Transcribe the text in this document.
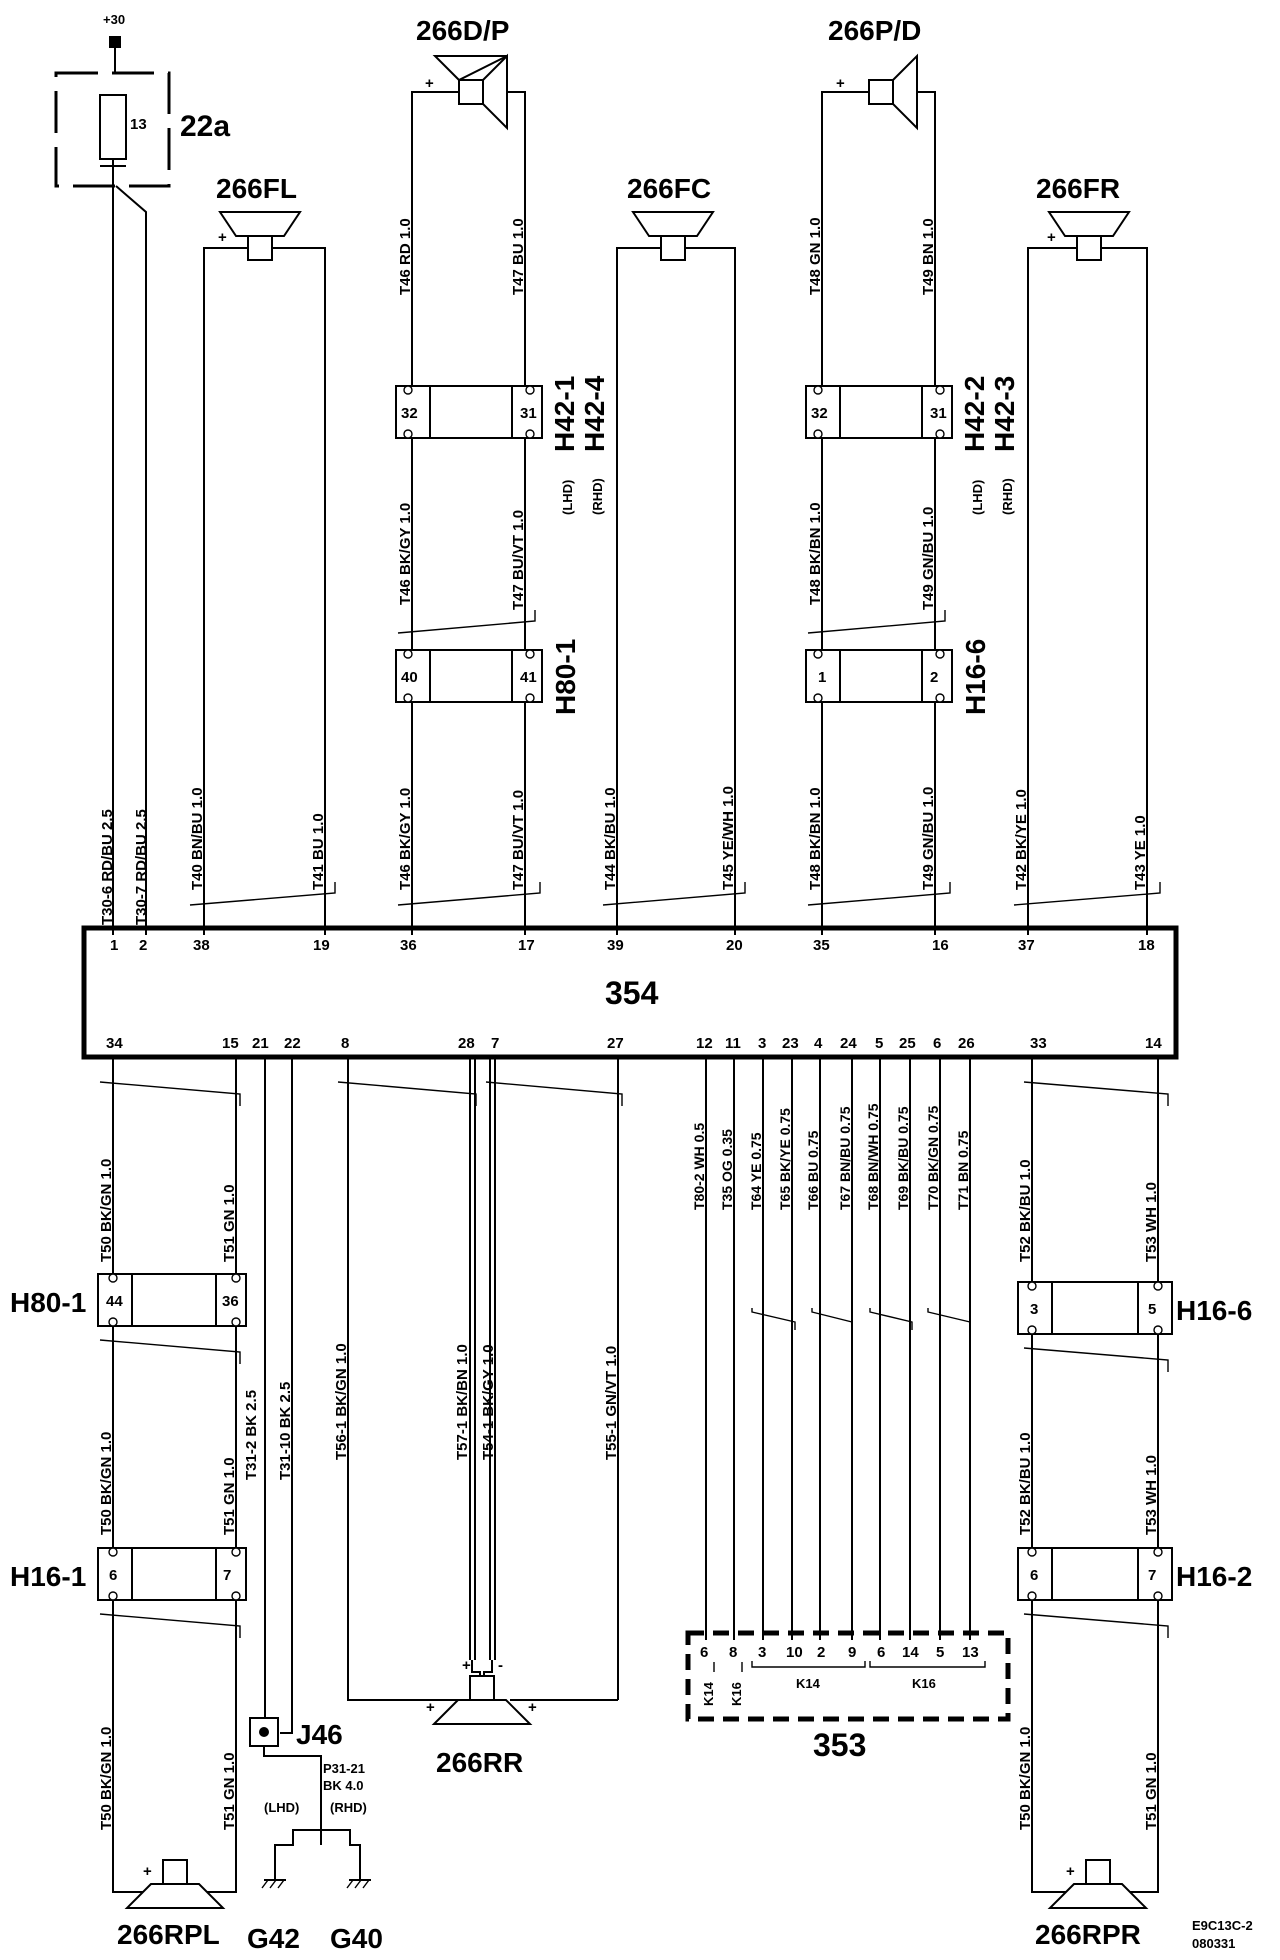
+30
13 22a
354
1 2	38	19	36	17	39	20	35	16	37	18
34	15 21 22	8	28 7	27	12 11 3 23 4 24 5 25 6 26	33	14
T30-6 RD/BU 2.5 T30-7 RD/BU 2.5
266FL
+
T40 BN/BU 1.0	T41 BU 1.0
266D/P
+
T46 RD 1.0	T47 BU 1.0
32	31 H42-1 H42-4
(LHD) (RHD)
T46 BK/GY 1.0	T47 BU/VT 1.0
40	41 H80-1
T46 BK/GY 1.0	T47 BU/VT 1.0
266FC
T44 BK/BU 1.0	T45 YE/WH 1.0
266P/D
+
T48 GN 1.0	T49 BN 1.0
32	31 H42-2 H42-3
(LHD) (RHD)
T48 BK/BN 1.0	T49 GN/BU 1.0
1	2 H16-6
T48 BK/BN 1.0	T49 GN/BU 1.0
266FR
+
T42 BK/YE 1.0	T43 YE 1.0
T50 BK/GN 1.0	T51 GN 1.0
44	36
H80-1
T50 BK/GN 1.0	T51 GN 1.0
6	7
H16-1
T50 BK/GN 1.0	T51 GN 1.0
+
266RPL
T31-2 BK 2.5 T31-10 BK 2.5
J46
P31-21
BK 4.0
(LHD) (RHD)
G42 G40
T56-1 BK/GN 1.0	T57-1 BK/BN 1.0 T54-1 BK/GY 1.0	T55-1 GN/VT 1.0
+ -
+	+
266RR
T80-2 WH 0.5 T35 OG 0.35 T64 YE 0.75 T65 BK/YE 0.75 T66 BU 0.75 T67 BN/BU 0.75 T68 BN/WH 0.75 T69 BK/BU 0.75 T70 BK/GN 0.75 T71 BN 0.75
6 8 3 10 2 9 6 14 5 13
K14	K16
K14 K16
353
T52 BK/BU 1.0	T53 WH 1.0
3	5 H16-6
T52 BK/BU 1.0	T53 WH 1.0
6	7 H16-2
T50 BK/GN 1.0	T51 GN 1.0
+
266RPR	E9C13C-2
080331
